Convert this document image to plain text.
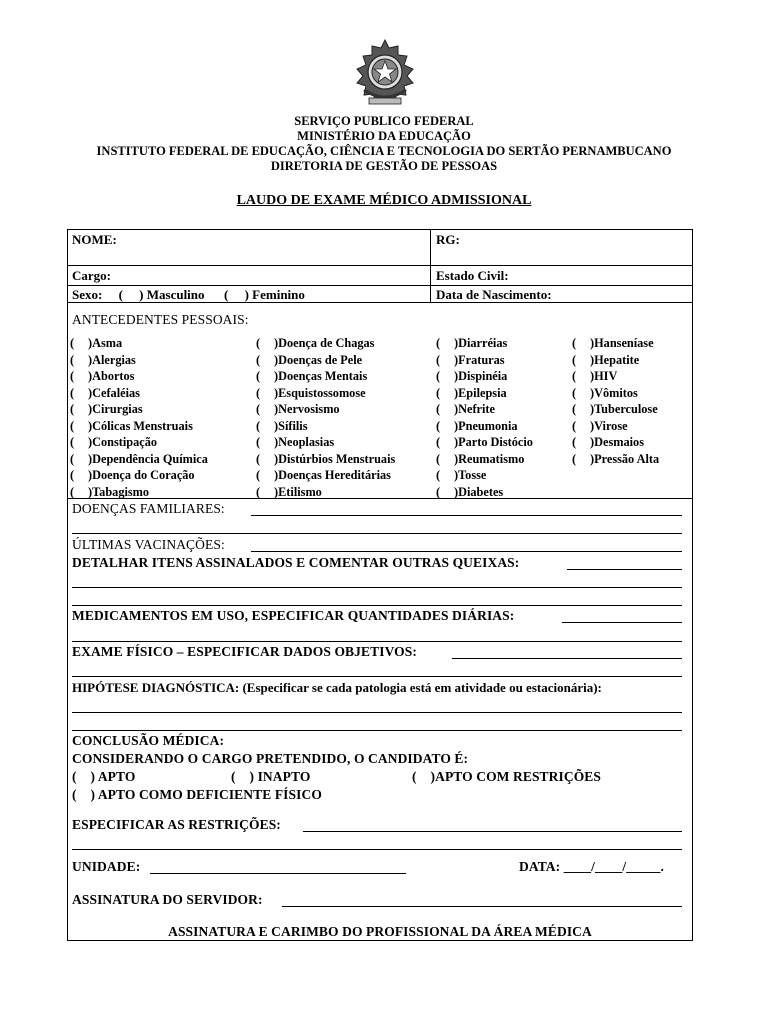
SERVIÇO PUBLICO FEDERAL
MINISTÉRIO DA EDUCAÇÃO
INSTITUTO FEDERAL DE EDUCAÇÃO, CIÊNCIA E TECNOLOGIA DO SERTÃO PERNAMBUCANO
DIRETORIA DE GESTÃO DE PESSOAS
LAUDO DE EXAME MÉDICO ADMISSIONAL
NOME:	RG:
Cargo:	Estado Civil:
Sexo:     (     ) Masculino      (     ) Feminino	Data de Nascimento:
ANTECEDENTES PESSOAIS:
( )Asma
( )Alergias
( )Abortos
( )Cefaléias
( )Cirurgias
( )Cólicas Menstruais
( )Constipação
( )Dependência Química
( )Doença do Coração
( )Tabagismo
( )Doença de Chagas
( )Doenças de Pele
( )Doenças Mentais
( )Esquistossomose
( )Nervosismo
( )Sífilis
( )Neoplasias
( )Distúrbios Menstruais
( )Doenças Hereditárias
( )Etilismo
( )Diarréias
( )Fraturas
( )Dispinéia
( )Epilepsia
( )Nefrite
( )Pneumonia
( )Parto Distócio
( )Reumatismo
( )Tosse
( )Diabetes
( )Hanseníase
( )Hepatite
( )HIV
( )Vômitos
( )Tuberculose
( )Virose
( )Desmaios
( )Pressão Alta
DOENÇAS FAMILIARES:
ÚLTIMAS VACINAÇÕES:
DETALHAR ITENS ASSINALADOS E COMENTAR OUTRAS QUEIXAS:
MEDICAMENTOS EM USO, ESPECIFICAR QUANTIDADES DIÁRIAS:
EXAME FÍSICO – ESPECIFICAR DADOS OBJETIVOS:
HIPÓTESE DIAGNÓSTICA: (Especificar se cada patologia está em atividade ou estacionária):
CONCLUSÃO MÉDICA:
CONSIDERANDO O CARGO PRETENDIDO, O CANDIDATO É:
(    ) APTO	(    ) INAPTO	(    )APTO COM RESTRIÇÕES
(    ) APTO COMO DEFICIENTE FÍSICO
ESPECIFICAR AS RESTRIÇÕES:
UNIDADE:	DATA: ____/____/_____.
ASSINATURA DO SERVIDOR:
ASSINATURA E CARIMBO DO PROFISSIONAL DA ÁREA MÉDICA
